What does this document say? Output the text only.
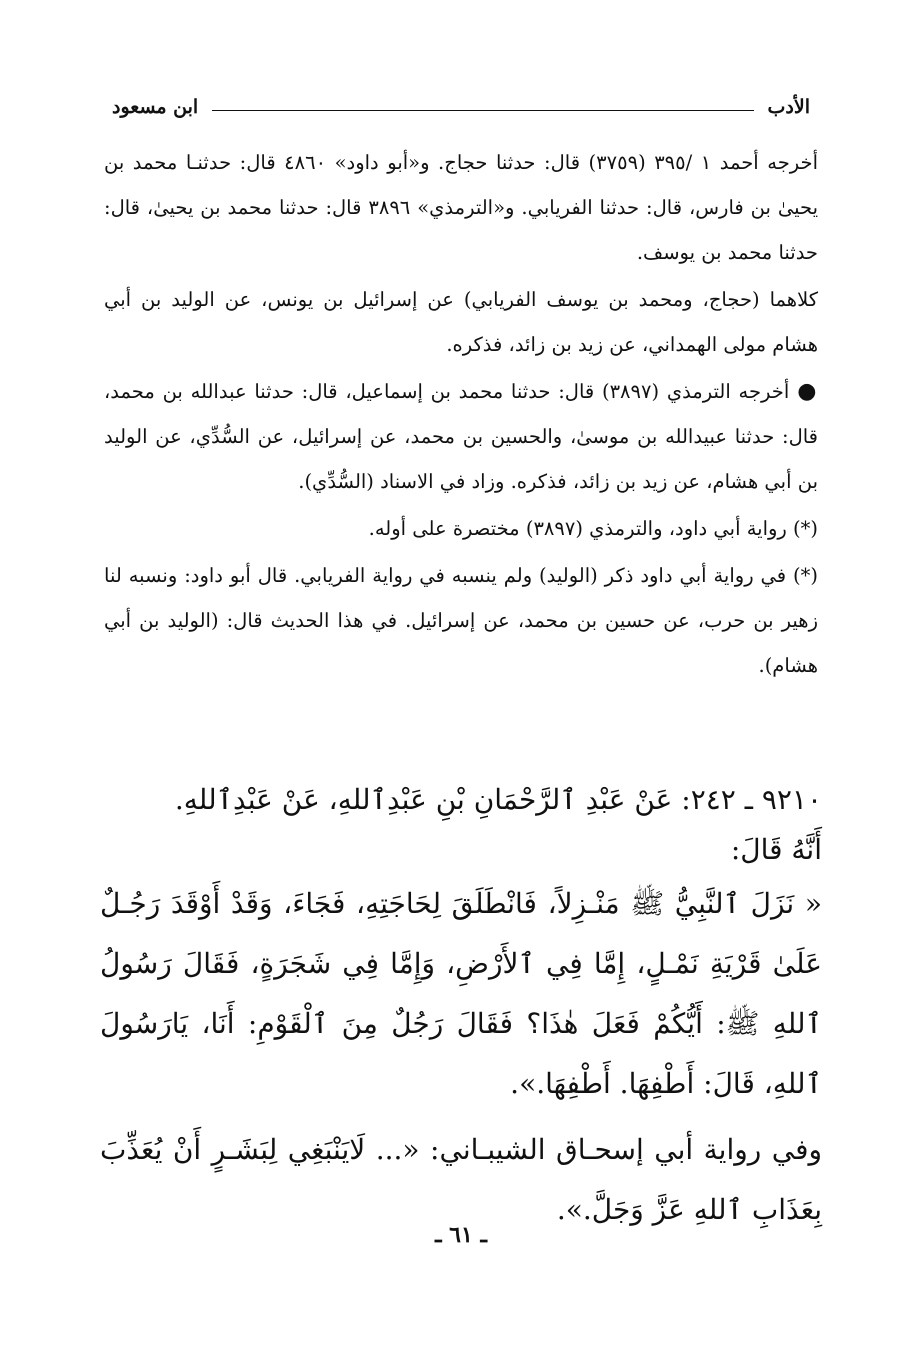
الأدب
ابن مسعود

أخرجه أحمد ١ /٣٩٥ (٣٧٥٩) قال: حدثنا حجاج. و«أبو داود» ٤٨٦٠ قال: حدثنـا محمد بن يحيىٰ بن فارس، قال: حدثنا الفريابي. و«الترمذي» ٣٨٩٦ قال: حدثنا محمد بن يحيىٰ، قال: حدثنا محمد بن يوسف.

كلاهما (حجاج، ومحمد بن يوسف الفريابي) عن إسرائيل بن يونس، عن الوليد بن أبي هشام مولى الهمداني، عن زيد بن زائد، فذكره.

●أخرجه الترمذي (٣٨٩٧) قال: حدثنا محمد بن إسماعيل، قال: حدثنا عبدالله بن محمد، قال: حدثنا عبيدالله بن موسىٰ، والحسين بن محمد، عن إسرائيل، عن السُّدِّي، عن الوليد بن أبي هشام، عن زيد بن زائد، فذكره. وزاد في الاسناد (السُّدِّي).

(*) رواية أبي داود، والترمذي (٣٨٩٧) مختصرة على أوله.

(*) في رواية أبي داود ذكر (الوليد) ولم ينسبه في رواية الفريابي. قال أبو داود: ونسبه لنا زهير بن حرب، عن حسين بن محمد، عن إسرائيل. في هذا الحديث قال: (الوليد بن أبي هشام).

٩٢١٠ ـ ٢٤٢: عَنْ عَبْدِ ٱلرَّحْمَانِ بْنِ عَبْدِٱللهِ، عَنْ عَبْدِٱللهِ.

أَنَّهُ قَالَ:

« نَزَلَ ٱلنَّبِيُّ ﷺ مَنْـزِلاً، فَانْطَلَقَ لِحَاجَتِهِ، فَجَاءَ، وَقَدْ أَوْقَدَ رَجُـلٌ عَلَىٰ قَرْيَةِ نَمْـلٍ، إِمَّا فِي ٱلأَرْضِ، وَإِمَّا فِي شَجَرَةٍ، فَقَالَ رَسُولُ ٱللهِ ﷺ: أَيُّكُمْ فَعَلَ هٰذَا؟ فَقَالَ رَجُلٌ مِنَ ٱلْقَوْمِ: أَنَا، يَارَسُولَ ٱللهِ، قَالَ: أَطْفِهَا. أَطْفِهَا.».

وفي رواية أبي إسحـاق الشيبـاني: «... لَايَنْبَغِي لِبَشَـرٍ أَنْ يُعَذِّبَ بِعَذَابِ ٱللهِ عَزَّ وَجَلَّ.».

ـ ٦١ ـ
